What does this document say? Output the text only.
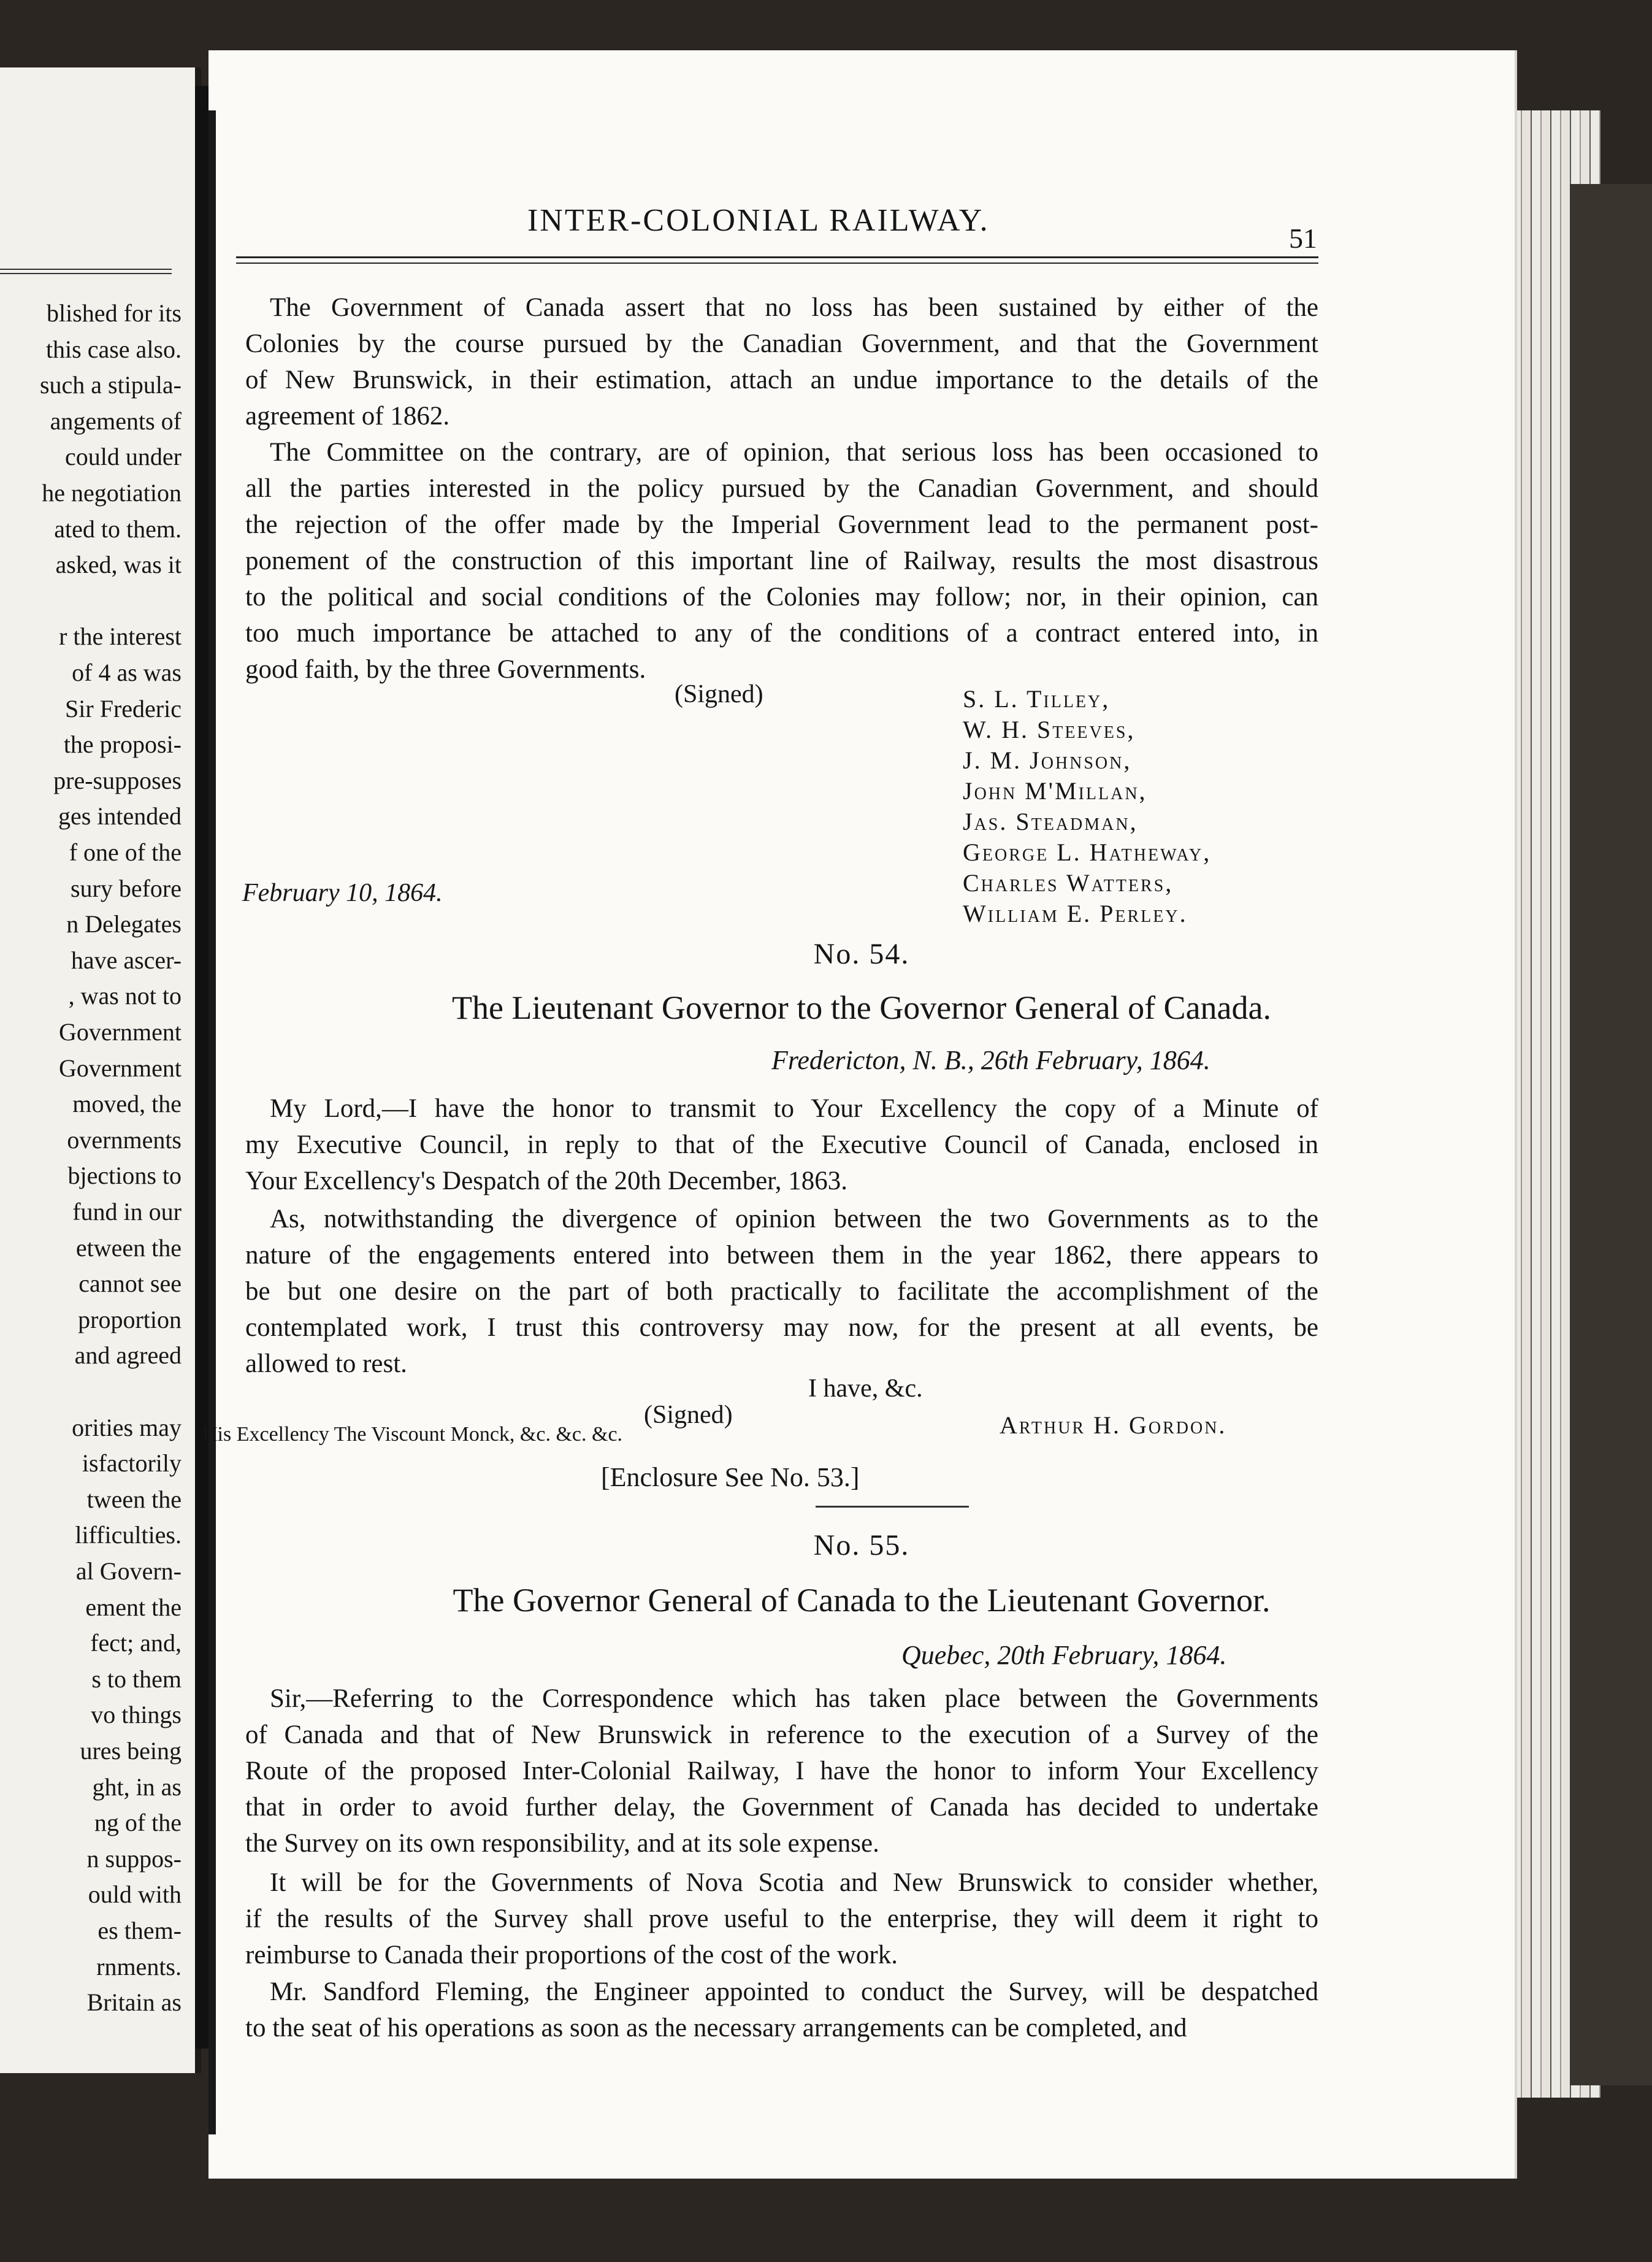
blished for its
this case also.
such a stipula-
angements of
could under
he negotiation
ated to them.
asked, was it
r the interest
of 4 as was
Sir Frederic
the proposi-
pre-supposes
ges intended
f one of the
sury before
n Delegates
have ascer-
, was not to
Government
Government
moved, the
overnments
bjections to
fund in our
etween the
cannot see
proportion
and agreed
orities may
isfactorily
tween the
lifficulties.
al Govern-
ement the
fect; and,
s to them
vo things
ures being
ght, in as
ng of the
n suppos-
ould with
es them-
rnments.
Britain as
INTER-COLONIAL RAILWAY.
51
The Government of Canada assert that no loss has been sustained by either of the
Colonies by the course pursued by the Canadian Government, and that the Government
of New Brunswick, in their estimation, attach an undue importance to the details of the
agreement of 1862.
The Committee on the contrary, are of opinion, that serious loss has been occasioned to
all the parties interested in the policy pursued by the Canadian Government, and should
the rejection of the offer made by the Imperial Government lead to the permanent post-
ponement of the construction of this important line of Railway, results the most disastrous
to the political and social conditions of the Colonies may follow; nor, in their opinion, can
too much importance be attached to any of the conditions of a contract entered into, in
good faith, by the three Governments.
(Signed)	S. L. Tilley,
W. H. Steeves,
J. M. Johnson,
John M'Millan,
Jas. Steadman,
George L. Hatheway,
Charles Watters,
William E. Perley.
February 10, 1864.
No. 54.
The Lieutenant Governor to the Governor General of Canada.
Fredericton, N. B., 26th February, 1864.
My Lord,—I have the honor to transmit to Your Excellency the copy of a Minute of
my Executive Council, in reply to that of the Executive Council of Canada, enclosed in
Your Excellency's Despatch of the 20th December, 1863.
As, notwithstanding the divergence of opinion between the two Governments as to the
nature of the engagements entered into between them in the year 1862, there appears to
be but one desire on the part of both practically to facilitate the accomplishment of the
contemplated work, I trust this controversy may now, for the present at all events, be
allowed to rest.
I have, &c.
(Signed)
His Excellency The Viscount Monck, &c. &c. &c.	Arthur H. Gordon.
[Enclosure See No. 53.]
No. 55.
The Governor General of Canada to the Lieutenant Governor.
Quebec, 20th February, 1864.
Sir,—Referring to the Correspondence which has taken place between the Governments
of Canada and that of New Brunswick in reference to the execution of a Survey of the
Route of the proposed Inter-Colonial Railway, I have the honor to inform Your Excellency
that in order to avoid further delay, the Government of Canada has decided to undertake
the Survey on its own responsibility, and at its sole expense.
It will be for the Governments of Nova Scotia and New Brunswick to consider whether,
if the results of the Survey shall prove useful to the enterprise, they will deem it right to
reimburse to Canada their proportions of the cost of the work.
Mr. Sandford Fleming, the Engineer appointed to conduct the Survey, will be despatched
to the seat of his operations as soon as the necessary arrangements can be completed, and
